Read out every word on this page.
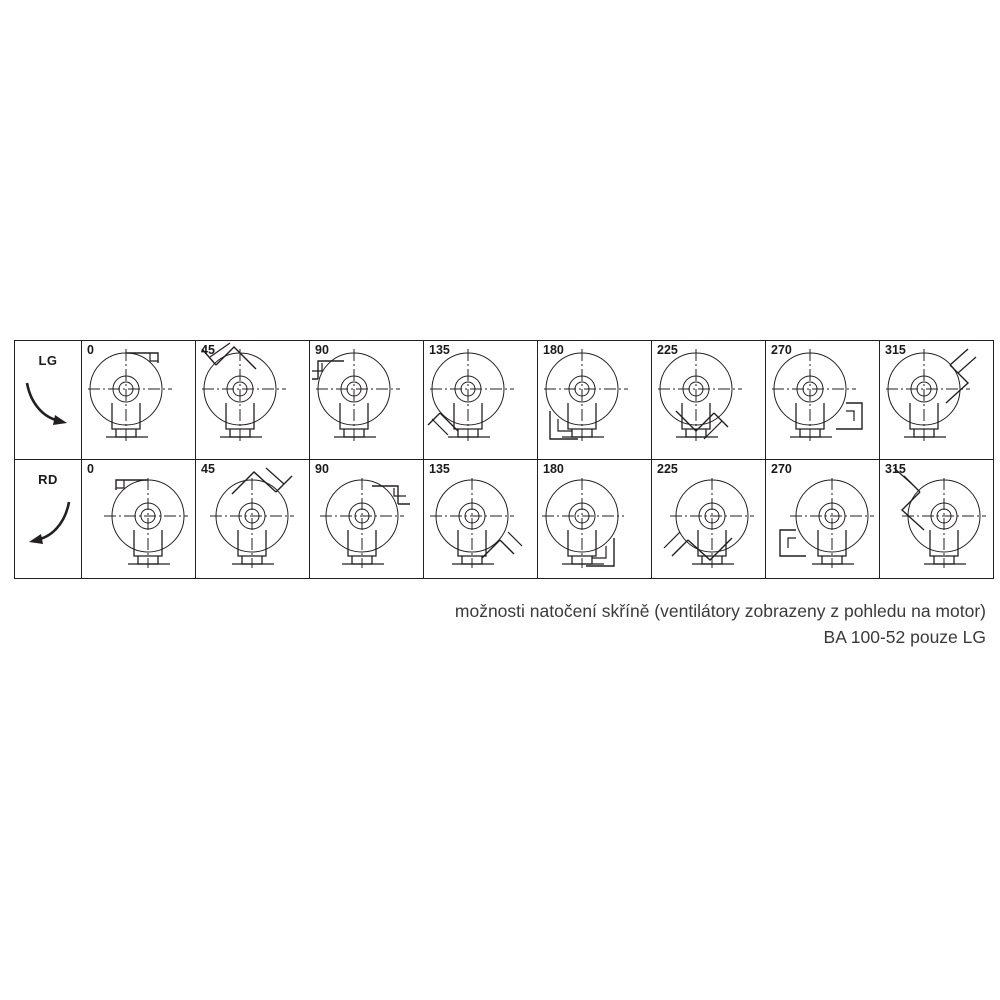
LG	0	45	90	135	180	225	270	315

RD	0	45	90	135	180	225	270	315
možnosti natočení skříně (ventilátory zobrazeny z pohledu na motor)
BA 100-52 pouze LG
